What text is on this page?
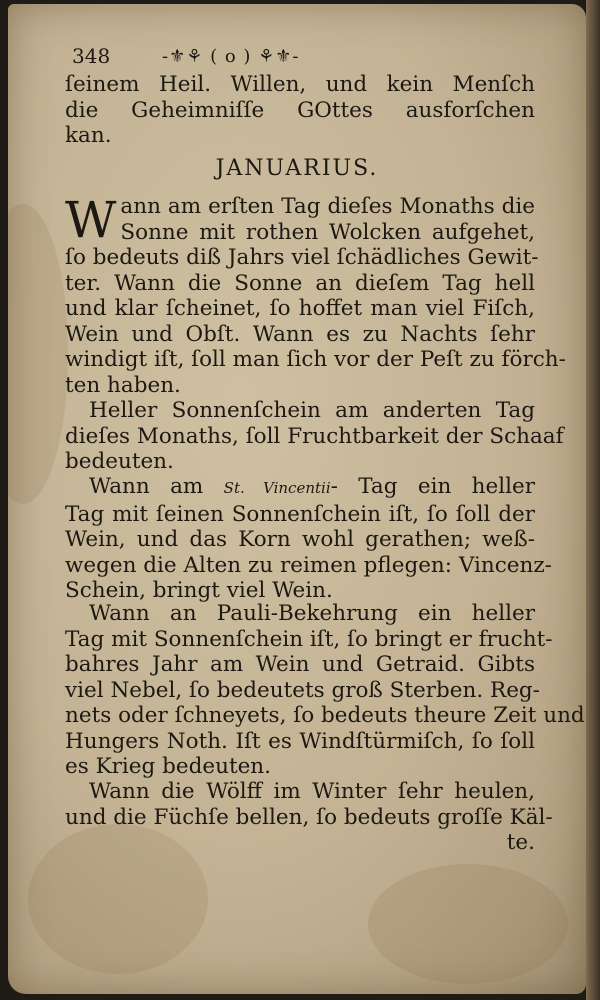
348	-⚜⚘ ( o ) ⚘⚜-
ſeinem Heil. Willen, und kein Menſch
die Geheimniſſe GOttes ausforſchen
kan.
JANUARIUS.
W ann am erſten Tag dieſes Monaths die
Sonne mit rothen Wolcken aufgehet,
ſo bedeuts diß Jahrs viel ſchädliches Gewit-
ter. Wann die Sonne an dieſem Tag hell
und klar ſcheinet, ſo hoffet man viel Fiſch,
Wein und Obſt. Wann es zu Nachts ſehr
windigt iſt, ſoll man ſich vor der Peſt zu förch-
ten haben.
Heller Sonnenſchein am anderten Tag
dieſes Monaths, ſoll Fruchtbarkeit der Schaaf
bedeuten.
Wann am St. Vincentii- Tag ein heller
Tag mit ſeinen Sonnenſchein iſt, ſo ſoll der
Wein, und das Korn wohl gerathen; weß-
wegen die Alten zu reimen pflegen: Vincenz-
Schein, bringt viel Wein.
Wann an Pauli-Bekehrung ein heller
Tag mit Sonnenſchein iſt, ſo bringt er frucht-
bahres Jahr am Wein und Getraid. Gibts
viel Nebel, ſo bedeutets groß Sterben. Reg-
nets oder ſchneyets, ſo bedeuts theure Zeit und
Hungers Noth. Iſt es Windſtürmiſch, ſo ſoll
es Krieg bedeuten.
Wann die Wölff im Winter ſehr heulen,
und die Füchſe bellen, ſo bedeuts groſſe Käl-
te.
